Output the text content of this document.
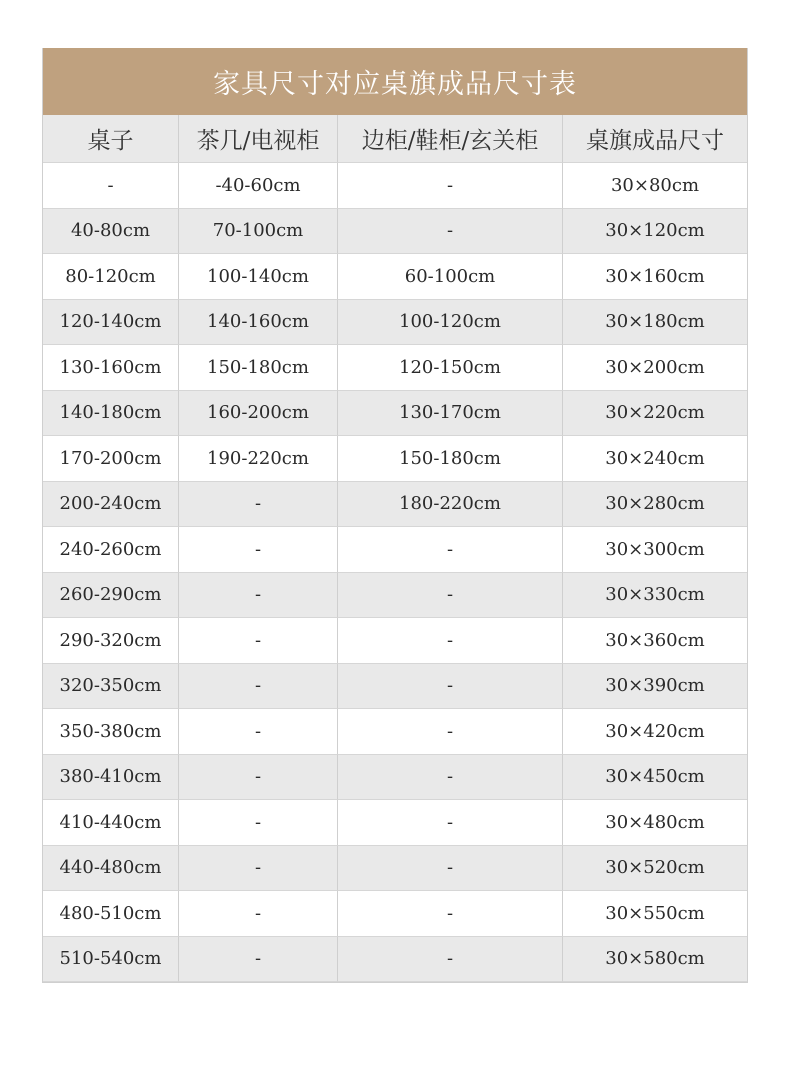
家具尺寸对应桌旗成品尺寸表
桌子	茶几/电视柜	边柜/鞋柜/玄关柜	桌旗成品尺寸
-	-40-60cm	-	30×80cm
40-80cm	70-100cm	-	30×120cm
80-120cm	100-140cm	60-100cm	30×160cm
120-140cm	140-160cm	100-120cm	30×180cm
130-160cm	150-180cm	120-150cm	30×200cm
140-180cm	160-200cm	130-170cm	30×220cm
170-200cm	190-220cm	150-180cm	30×240cm
200-240cm	-	180-220cm	30×280cm
240-260cm	-	-	30×300cm
260-290cm	-	-	30×330cm
290-320cm	-	-	30×360cm
320-350cm	-	-	30×390cm
350-380cm	-	-	30×420cm
380-410cm	-	-	30×450cm
410-440cm	-	-	30×480cm
440-480cm	-	-	30×520cm
480-510cm	-	-	30×550cm
510-540cm	-	-	30×580cm
